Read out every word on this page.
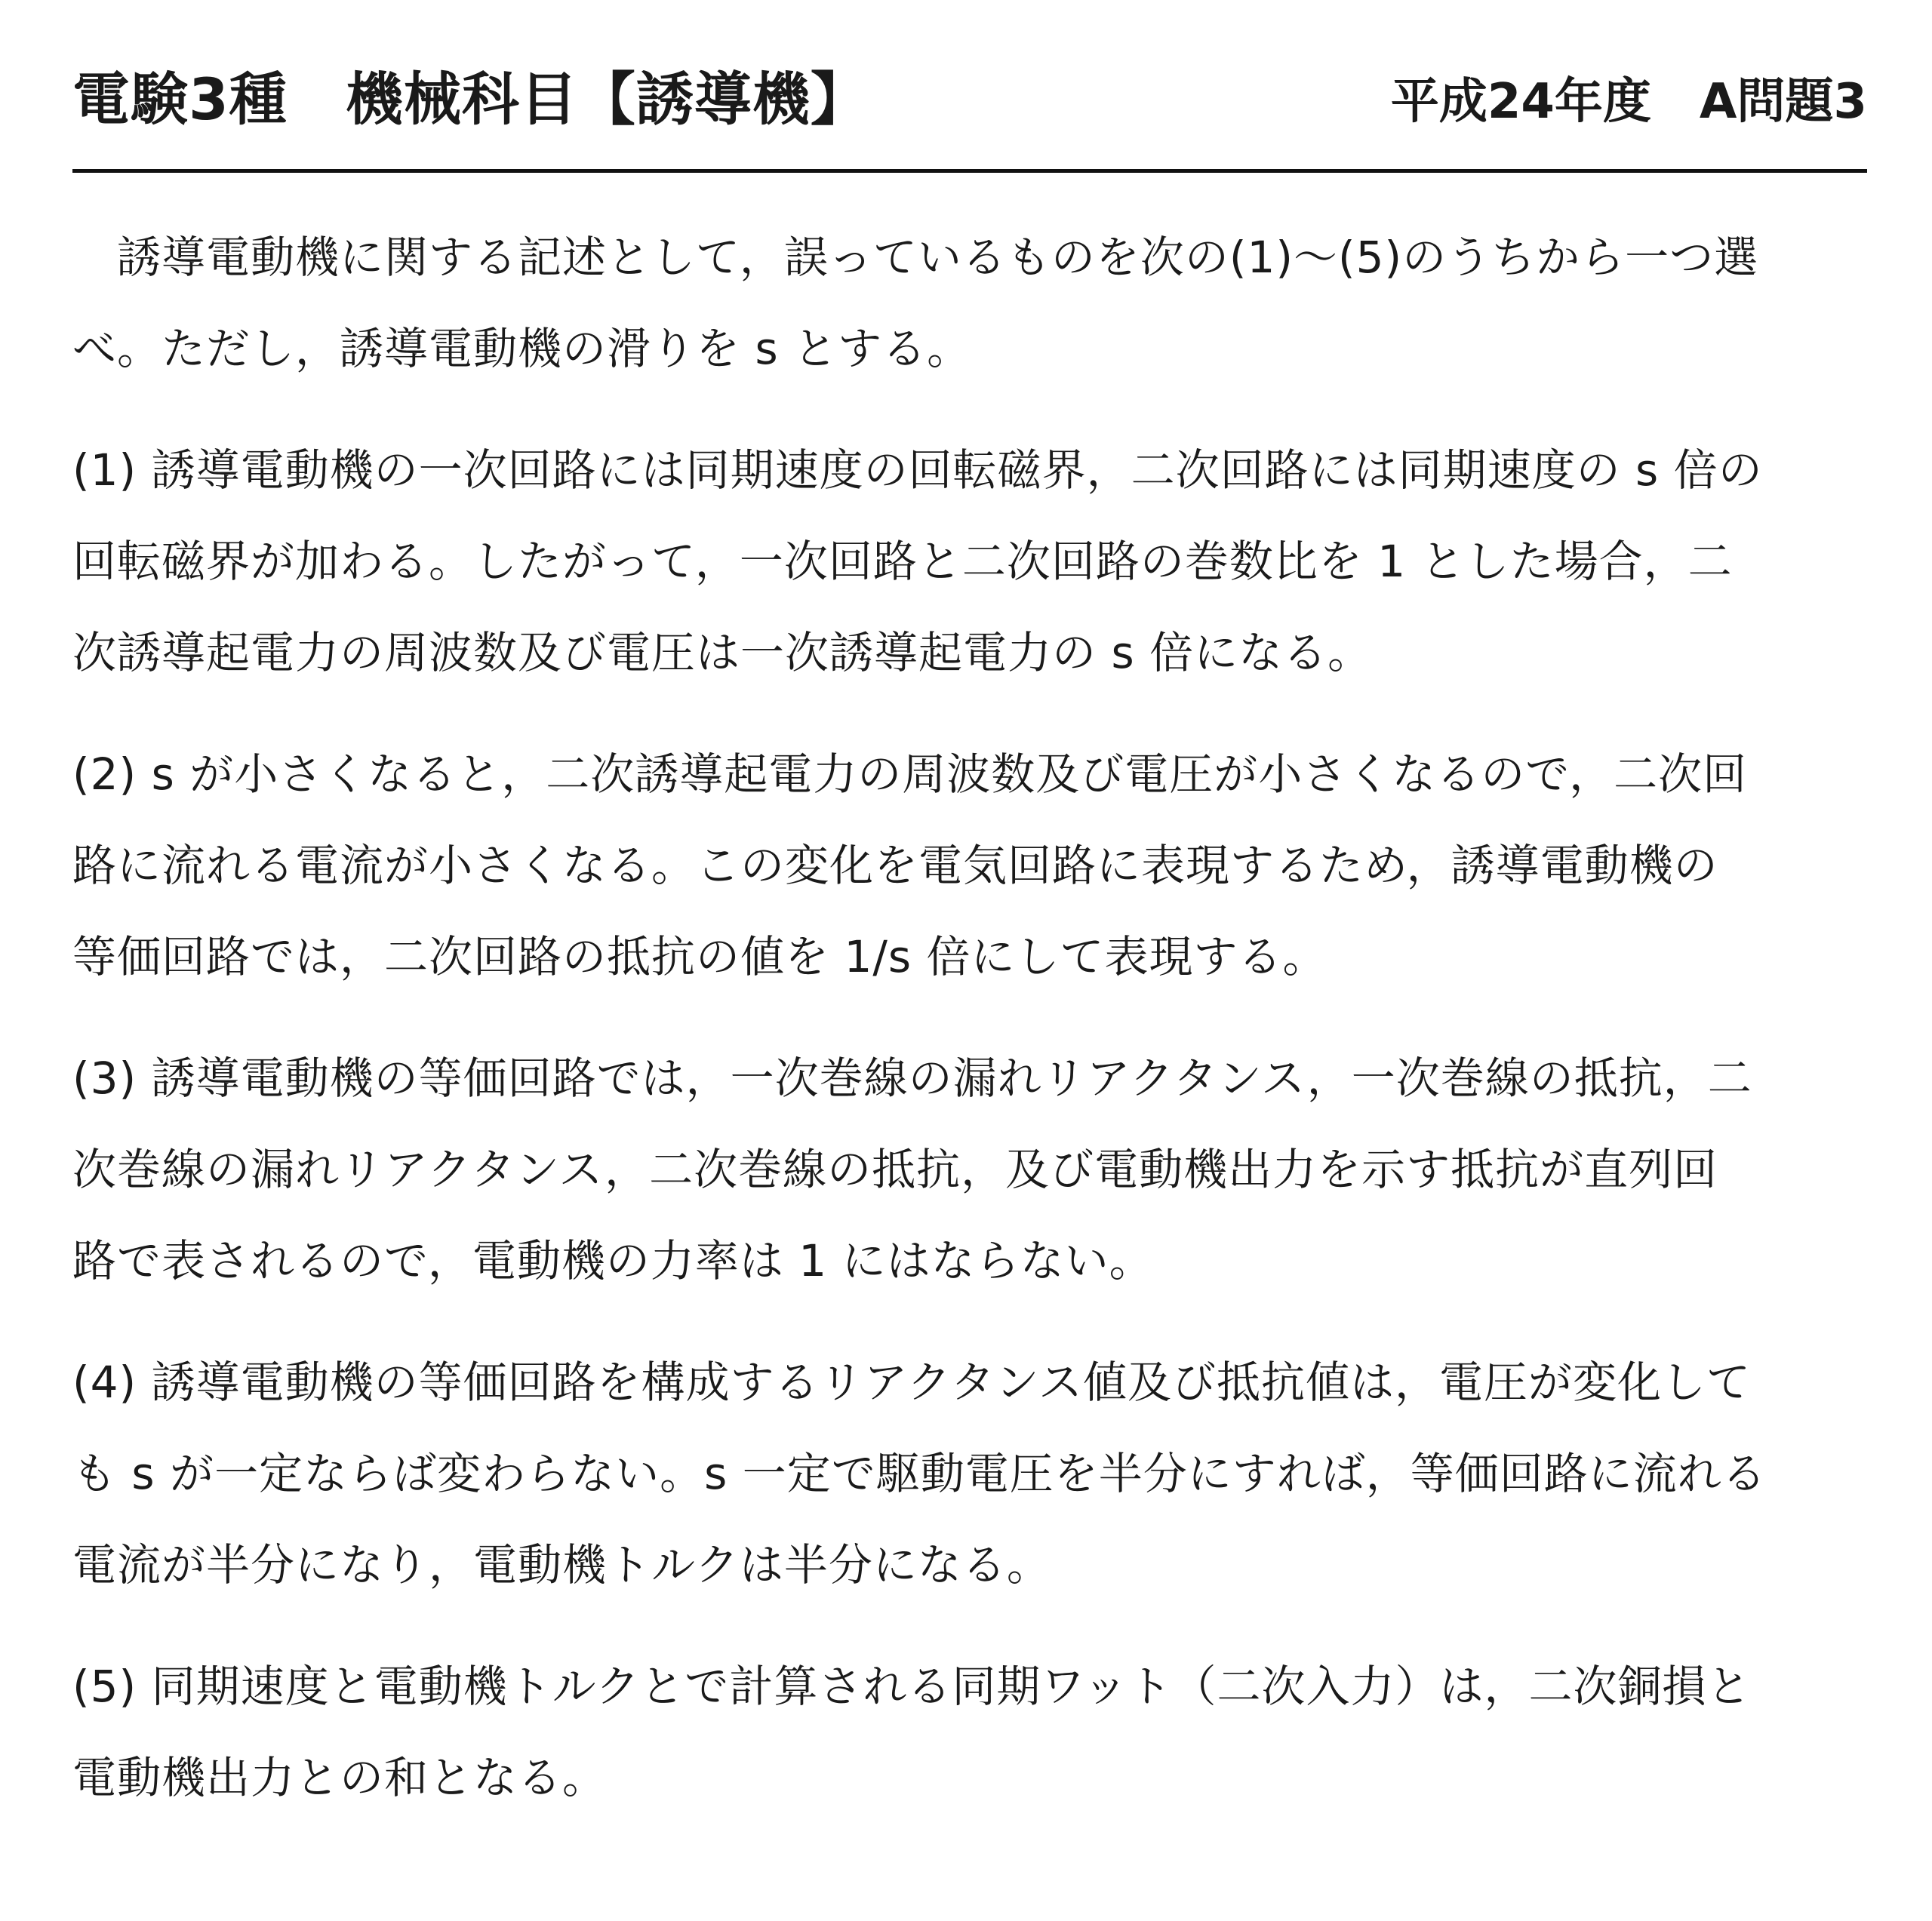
電験3種　機械科目【誘導機】	平成24年度　A問題3

　誘導電動機に関する記述として，誤っているものを次の(1)〜(5)のうちから一つ選
べ。ただし，誘導電動機の滑りを s とする。

(1) 誘導電動機の一次回路には同期速度の回転磁界，二次回路には同期速度の s 倍の
回転磁界が加わる。したがって，一次回路と二次回路の巻数比を 1 とした場合，二
次誘導起電力の周波数及び電圧は一次誘導起電力の s 倍になる。

(2) s が小さくなると，二次誘導起電力の周波数及び電圧が小さくなるので，二次回
路に流れる電流が小さくなる。この変化を電気回路に表現するため，誘導電動機の
等価回路では，二次回路の抵抗の値を 1/s 倍にして表現する。

(3) 誘導電動機の等価回路では，一次巻線の漏れリアクタンス，一次巻線の抵抗，二
次巻線の漏れリアクタンス，二次巻線の抵抗，及び電動機出力を示す抵抗が直列回
路で表されるので，電動機の力率は 1 にはならない。

(4) 誘導電動機の等価回路を構成するリアクタンス値及び抵抗値は，電圧が変化して
も s が一定ならば変わらない。s 一定で駆動電圧を半分にすれば，等価回路に流れる
電流が半分になり，電動機トルクは半分になる。

(5) 同期速度と電動機トルクとで計算される同期ワット（二次入力）は，二次銅損と
電動機出力との和となる。
